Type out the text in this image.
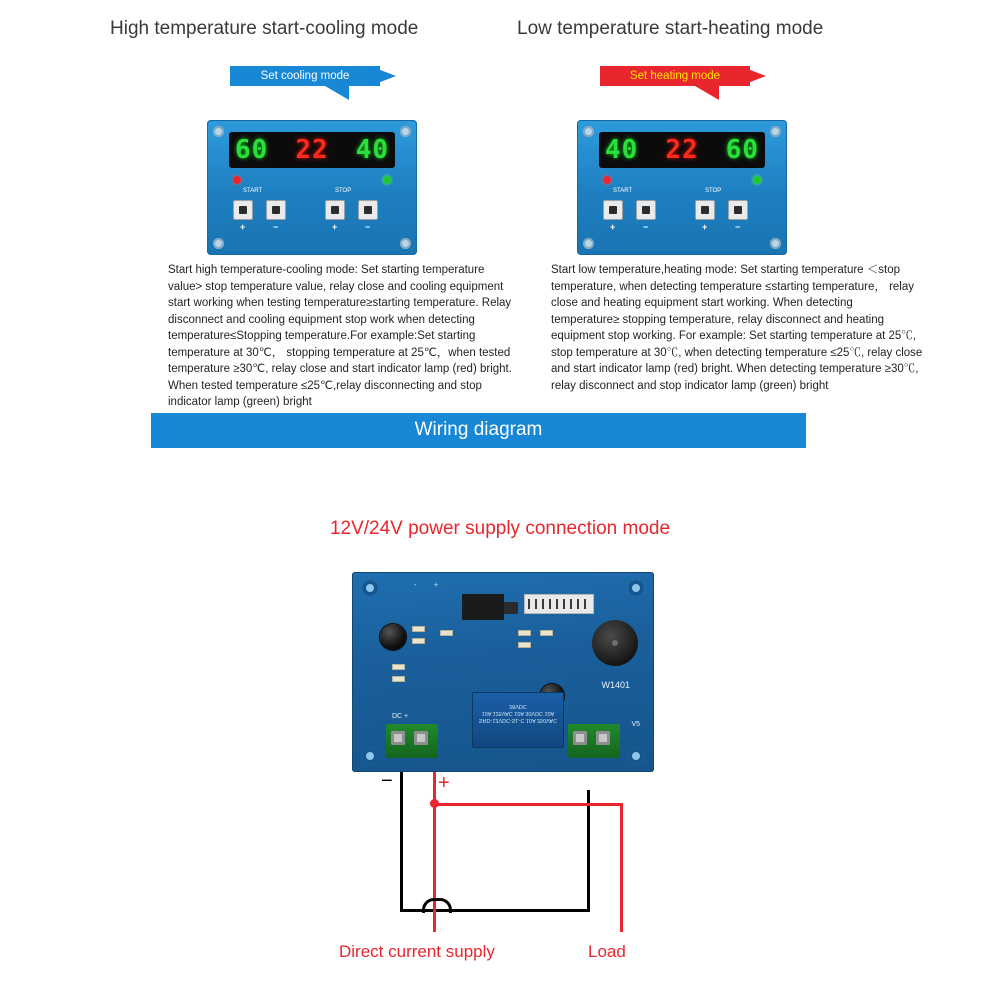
High temperature start-cooling mode	Low temperature start-heating mode
Set cooling mode	Set heating mode
60 22 40
START	STOP
+	−	+	−
40 22 60
START	STOP
+	−	+	−
Start high temperature-cooling mode: Set starting temperature value> stop temperature value, relay close and cooling equipment start working when testing temperature≥starting temperature. Relay disconnect and cooling equipment stop work when detecting temperature≤Stopping temperature.For example:Set starting temperature at 30℃， stopping temperature at 25℃，when tested temperature ≥30℃, relay close and start indicator lamp (red) bright. When tested temperature ≤25℃,relay disconnecting and stop indicator lamp (green) bright
Start low temperature,heating mode: Set starting temperature ＜stop temperature, when detecting temperature ≤starting temperature， relay close and heating equipment start working. When detecting temperature≥ stopping temperature, relay disconnect and heating equipment stop working. For example: Set starting temperature at 25℃, stop temperature at 30℃, when detecting temperature ≤25℃, relay close and start indicator lamp (red) bright. When detecting temperature ≥30℃, relay disconnect and stop indicator lamp (green) bright
Wiring diagram
12V/24V power supply connection mode
SRD-12VDC-SL-C 10A 250VAC 10A 125VAC 10A 30VDC 10A 28VDC
DC +
W1401
V5
+
-
− +
Direct current supply	Load
